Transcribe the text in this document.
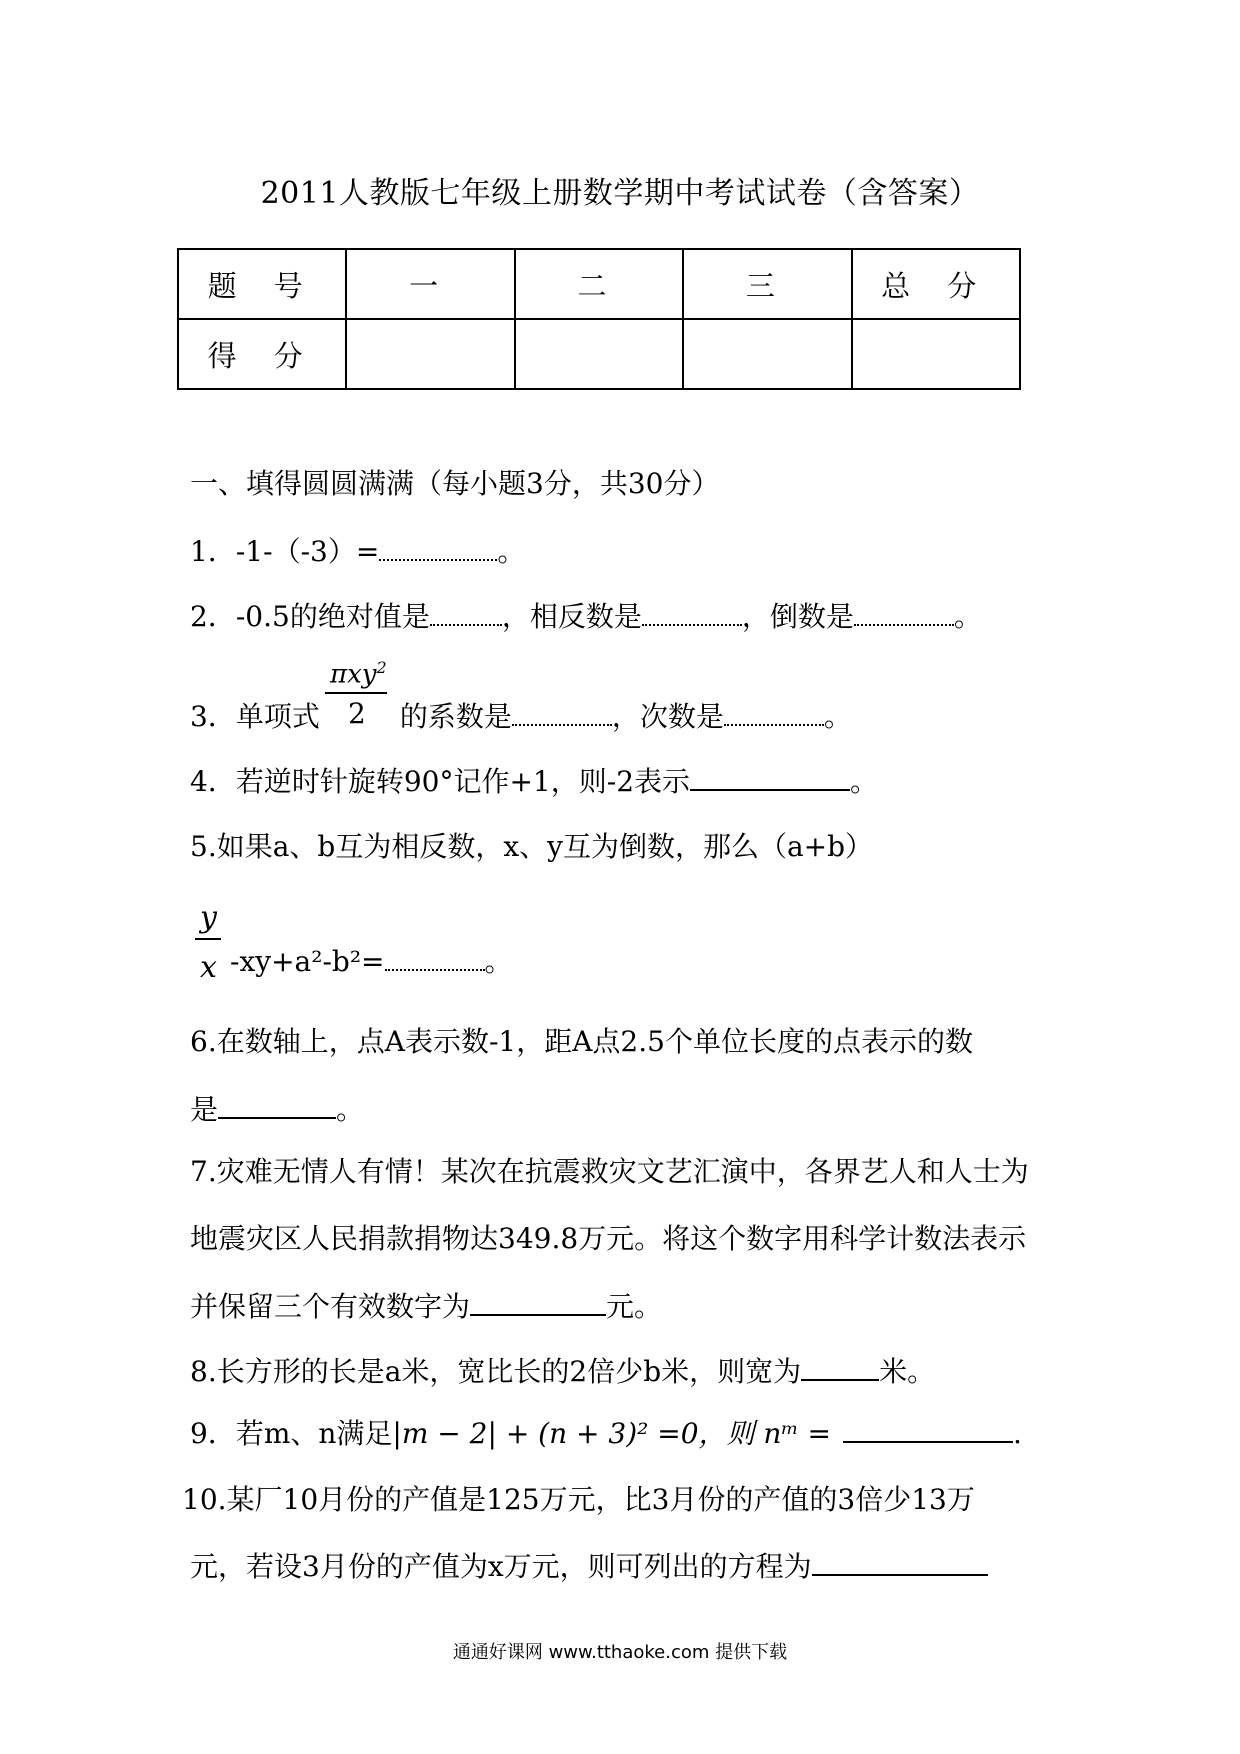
2011人教版七年级上册数学期中考试试卷（含答案）
题 号	一	二	三	总 分
得 分				
一、填得圆圆满满（每小题3分，共30分）
1．-1-（-3）=	。
2．-0.5的绝对值是	，相反数是	，倒数是	。
πxy$^2$
2
3．单项式	的系数是	，次数是	。
4．若逆时针旋转90°记作+1，则-2表示	。
5.如果a、b互为相反数，x、y互为倒数，那么（a+b）
y
x -xy+a²-b²=	。
6.在数轴上，点A表示数-1，距A点2.5个单位长度的点表示的数
是	。
7.灾难无情人有情！某次在抗震救灾文艺汇演中，各界艺人和人士为
地震灾区人民捐款捐物达349.8万元。将这个数字用科学计数法表示
并保留三个有效数字为	元。
8.长方形的长是a米，宽比长的2倍少b米，则宽为	米。
9．若m、n满足|m − 2| + (n + 3)² =0，则 nᵐ =	.
10.某厂10月份的产值是125万元，比3月份的产值的3倍少13万
元，若设3月份的产值为x万元，则可列出的方程为
通通好课网 www.tthaoke.com 提供下载
